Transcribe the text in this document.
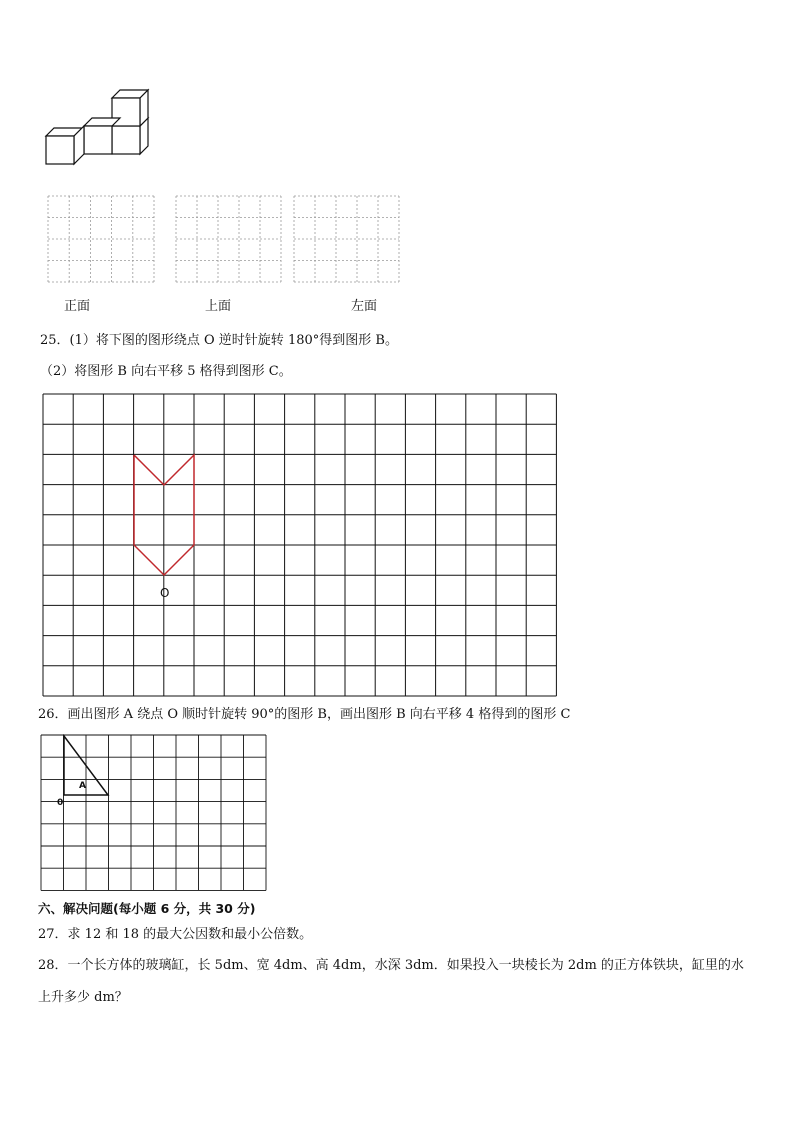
正面	上面	左面
25．(1）将下图的图形绕点 O 逆时针旋转 180°得到图形 B。
（2）将图形 B 向右平移 5 格得到图形 C。
O
26．画出图形 A 绕点 O 顺时针旋转 90°的图形 B，画出图形 B 向右平移 4 格得到的图形 C
A
0
六、解决问题(每小题 6 分，共 30 分)
27．求 12 和 18 的最大公因数和最小公倍数。
28．一个长方体的玻璃缸，长 5dm、宽 4dm、高 4dm，水深 3dm．如果投入一块棱长为 2dm 的正方体铁块，缸里的水
上升多少 dm？
